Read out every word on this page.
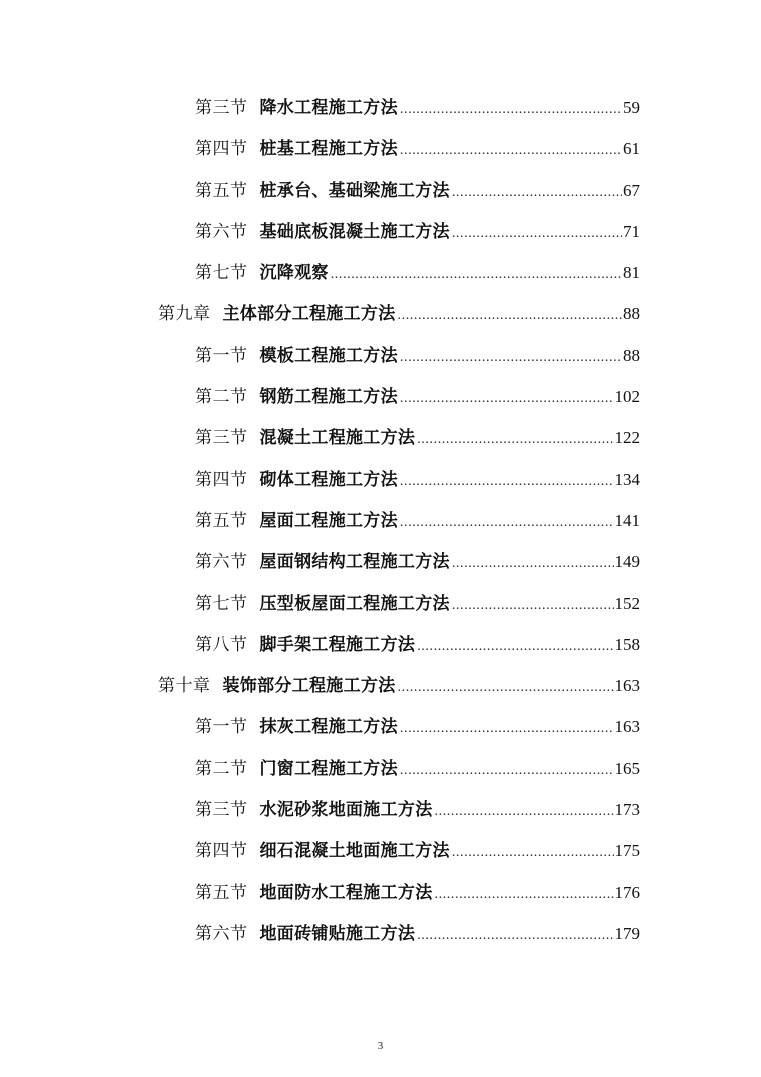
第三节 降水工程施工方法 .....	59
第四节 桩基工程施工方法 .....	61
第五节 桩承台、基础梁施工方法 .....	67
第六节 基础底板混凝土施工方法 .....	71
第七节 沉降观察 .....	81
第九章 主体部分工程施工方法 .....	88
第一节 模板工程施工方法 .....	88
第二节 钢筋工程施工方法 .....	102
第三节 混凝土工程施工方法 .....	122
第四节 砌体工程施工方法 .....	134
第五节 屋面工程施工方法 .....	141
第六节 屋面钢结构工程施工方法 .....	149
第七节 压型板屋面工程施工方法 .....	152
第八节 脚手架工程施工方法 .....	158
第十章 装饰部分工程施工方法 .....	163
第一节 抹灰工程施工方法 .....	163
第二节 门窗工程施工方法 .....	165
第三节 水泥砂浆地面施工方法 .....	173
第四节 细石混凝土地面施工方法 .....	175
第五节 地面防水工程施工方法 .....	176
第六节 地面砖铺贴施工方法 .....	179
3
